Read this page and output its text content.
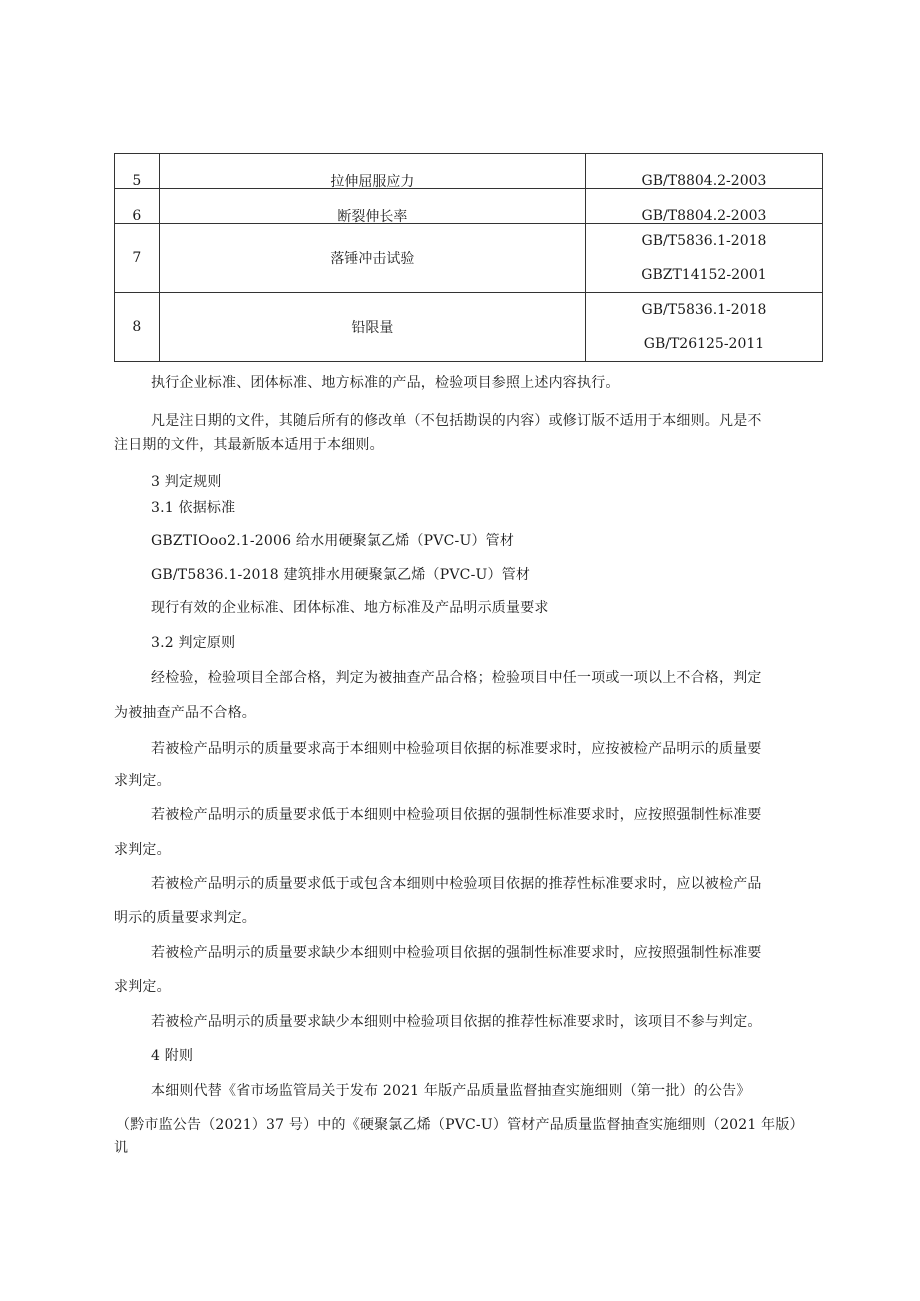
5	拉伸屈服应力	GB/T8804.2-2003
6	断裂伸长率	GB/T8804.2-2003
7	落锤冲击试验	GB/T5836.1-2018
GBZT14152-2001

8	铅限量	GB/T5836.1-2018
GB/T26125-2011
执行企业标准、团体标准、地方标准的产品，检验项目参照上述内容执行。
凡是注日期的文件，其随后所有的修改单（不包括勘误的内容）或修订版不适用于本细则。凡是不
注日期的文件，其最新版本适用于本细则。
3 判定规则
3.1 依据标准
GBZTIOoo2.1-2006 给水用硬聚氯乙烯（PVC-U）管材
GB/T5836.1-2018 建筑排水用硬聚氯乙烯（PVC-U）管材
现行有效的企业标准、团体标准、地方标准及产品明示质量要求
3.2 判定原则
经检验，检验项目全部合格，判定为被抽查产品合格；检验项目中任一项或一项以上不合格，判定
为被抽查产品不合格。
若被检产品明示的质量要求高于本细则中检验项目依据的标准要求时，应按被检产品明示的质量要
求判定。
若被检产品明示的质量要求低于本细则中检验项目依据的强制性标准要求时，应按照强制性标准要
求判定。
若被检产品明示的质量要求低于或包含本细则中检验项目依据的推荐性标准要求时，应以被检产品
明示的质量要求判定。
若被检产品明示的质量要求缺少本细则中检验项目依据的强制性标准要求时，应按照强制性标准要
求判定。
若被检产品明示的质量要求缺少本细则中检验项目依据的推荐性标准要求时，该项目不参与判定。
4 附则
本细则代替《省市场监管局关于发布 2021 年版产品质量监督抽查实施细则（第一批）的公告》
（黔市监公告（2021）37 号）中的《硬聚氯乙烯（PVC-U）管材产品质量监督抽查实施细则（2021 年版）
讥
